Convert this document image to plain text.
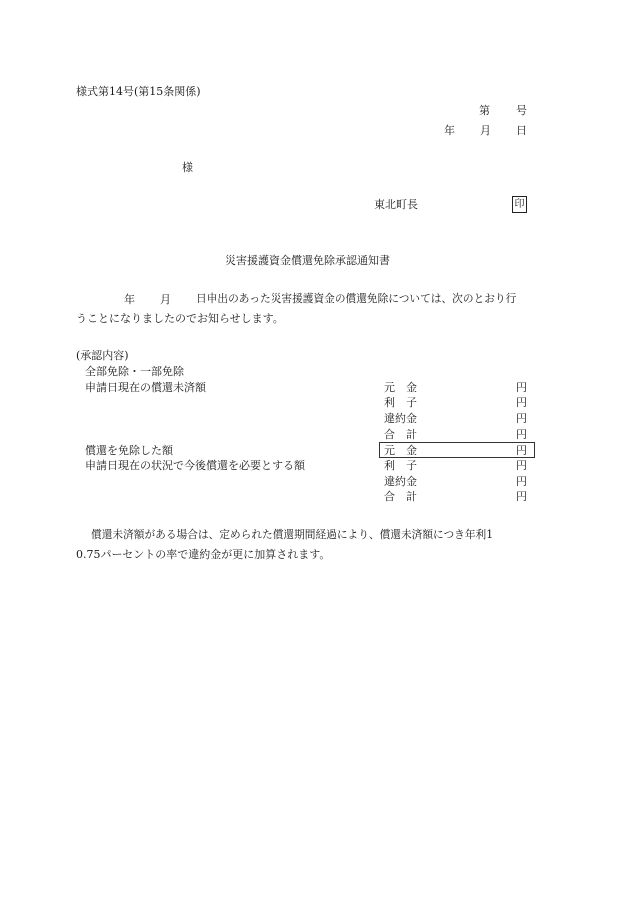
様式第14号(第15条関係)
第 号
年 月 日
様
東北町長	印
災害援護資金償還免除承認通知書
年 月 日申出のあった災害援護資金の償還免除については、次のとおり行
うことになりましたのでお知らせします。
(承認内容)
全部免除・一部免除
申請日現在の償還未済額	元　金	円
利　子	円
違約金	円
合　計	円
償還を免除した額	元　金	円
申請日現在の状況で今後償還を必要とする額	利　子	円
違約金	円
合　計	円
償還未済額がある場合は、定められた償還期間経過により、償還未済額につき年利1
0.75パーセントの率で違約金が更に加算されます。
